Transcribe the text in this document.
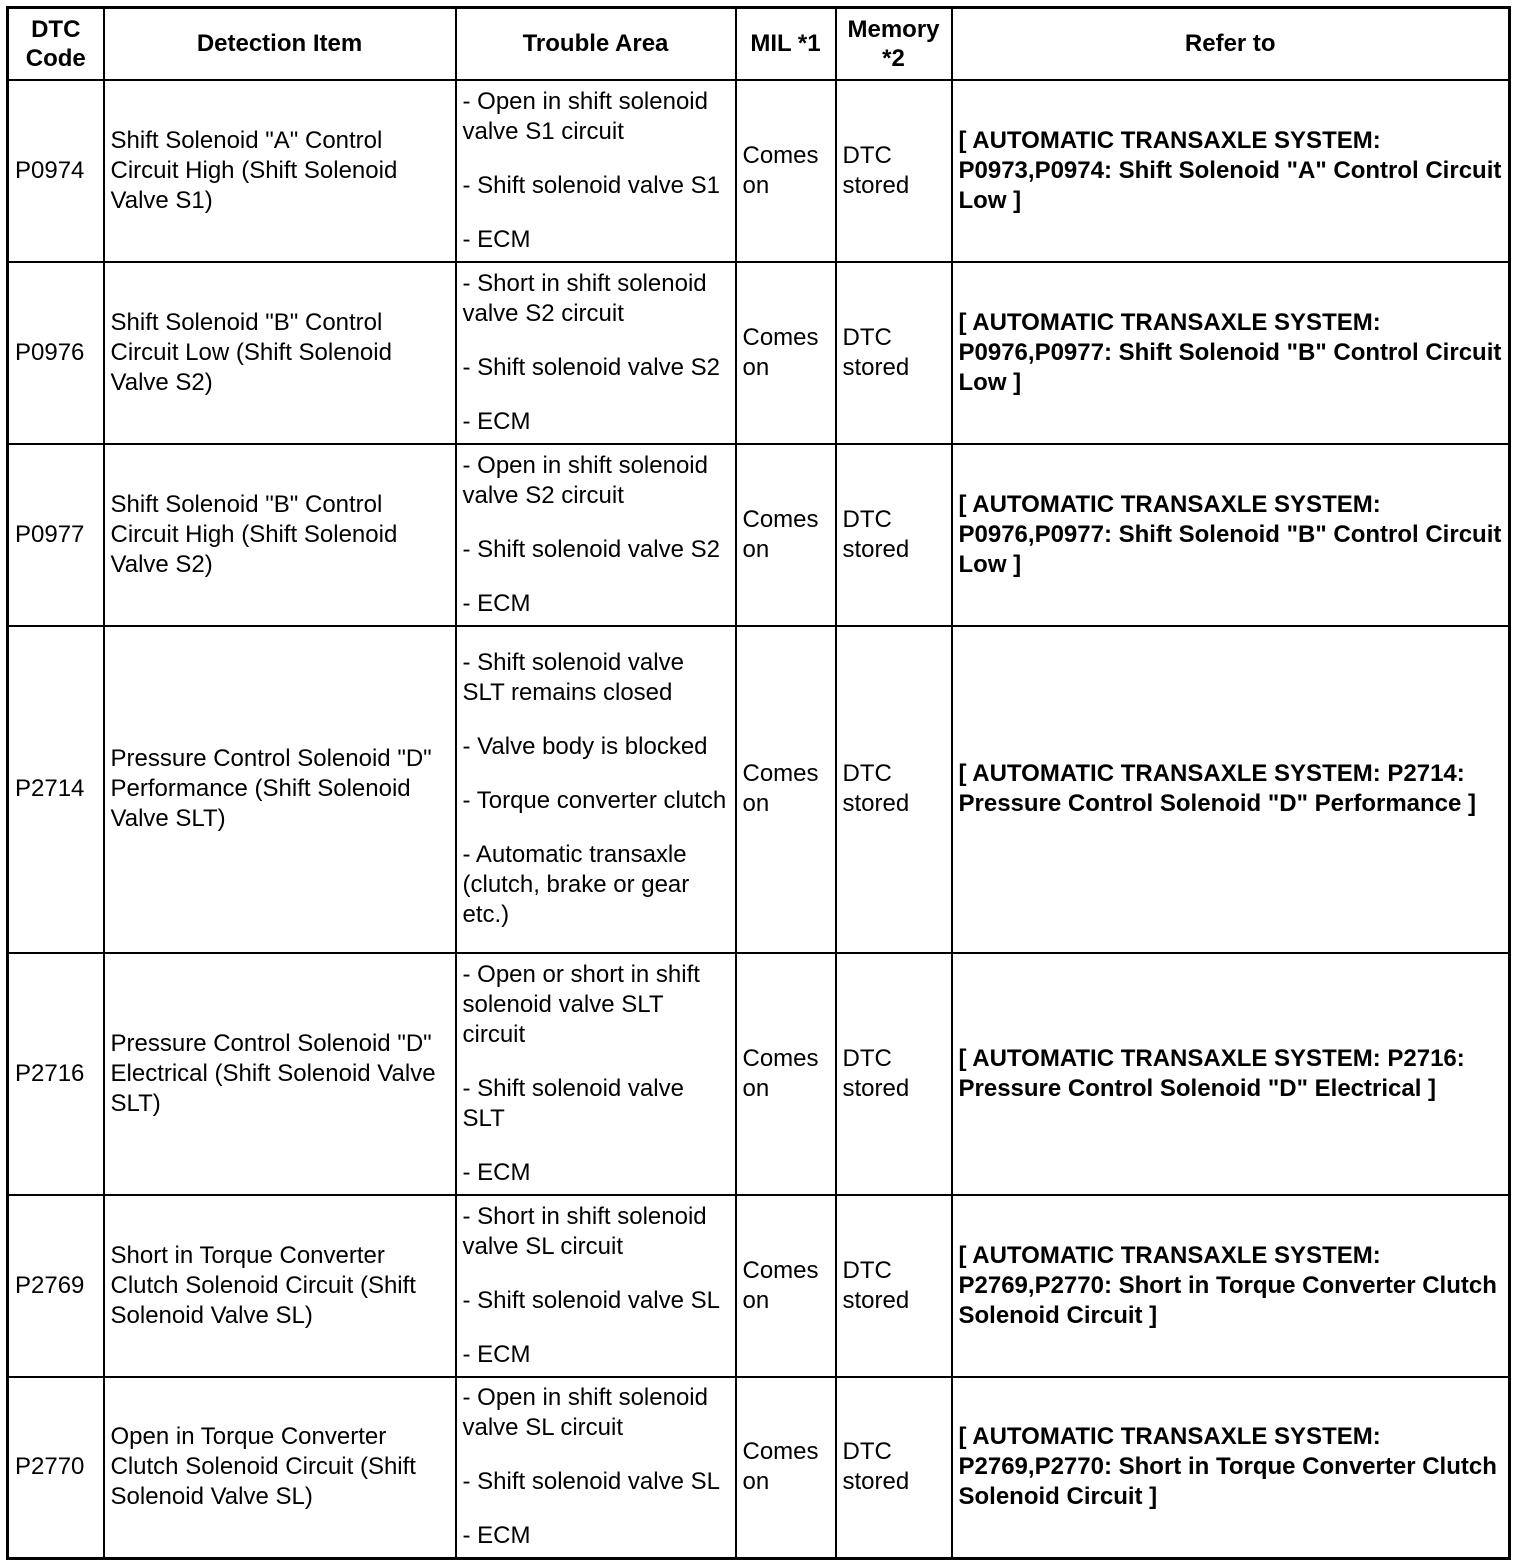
DTC Code	Detection Item	Trouble Area	MIL *1	Memory *2	Refer to
P0974	Shift Solenoid "A" Control Circuit High (Shift Solenoid Valve S1)	- Open in shift solenoid valve S1 circuit
- Shift solenoid valve S1
- ECM	Comes on	DTC stored	[ AUTOMATIC TRANSAXLE SYSTEM: P0973,P0974: Shift Solenoid "A" Control Circuit Low ]
P0976	Shift Solenoid "B" Control Circuit Low (Shift Solenoid Valve S2)	- Short in shift solenoid valve S2 circuit
- Shift solenoid valve S2
- ECM	Comes on	DTC stored	[ AUTOMATIC TRANSAXLE SYSTEM: P0976,P0977: Shift Solenoid "B" Control Circuit Low ]
P0977	Shift Solenoid "B" Control Circuit High (Shift Solenoid Valve S2)	- Open in shift solenoid valve S2 circuit
- Shift solenoid valve S2
- ECM	Comes on	DTC stored	[ AUTOMATIC TRANSAXLE SYSTEM: P0976,P0977: Shift Solenoid "B" Control Circuit Low ]
P2714	Pressure Control Solenoid "D" Performance (Shift Solenoid Valve SLT)	- Shift solenoid valve SLT remains closed
- Valve body is blocked
- Torque converter clutch
- Automatic transaxle (clutch, brake or gear etc.)	Comes on	DTC stored	[ AUTOMATIC TRANSAXLE SYSTEM: P2714: Pressure Control Solenoid "D" Performance ]
P2716	Pressure Control Solenoid "D" Electrical (Shift Solenoid Valve SLT)	- Open or short in shift solenoid valve SLT circuit
- Shift solenoid valve SLT
- ECM	Comes on	DTC stored	[ AUTOMATIC TRANSAXLE SYSTEM: P2716: Pressure Control Solenoid "D" Electrical ]
P2769	Short in Torque Converter Clutch Solenoid Circuit (Shift Solenoid Valve SL)	- Short in shift solenoid valve SL circuit
- Shift solenoid valve SL
- ECM	Comes on	DTC stored	[ AUTOMATIC TRANSAXLE SYSTEM: P2769,P2770: Short in Torque Converter Clutch Solenoid Circuit ]
P2770	Open in Torque Converter Clutch Solenoid Circuit (Shift Solenoid Valve SL)	- Open in shift solenoid valve SL circuit
- Shift solenoid valve SL
- ECM	Comes on	DTC stored	[ AUTOMATIC TRANSAXLE SYSTEM: P2769,P2770: Short in Torque Converter Clutch Solenoid Circuit ]
